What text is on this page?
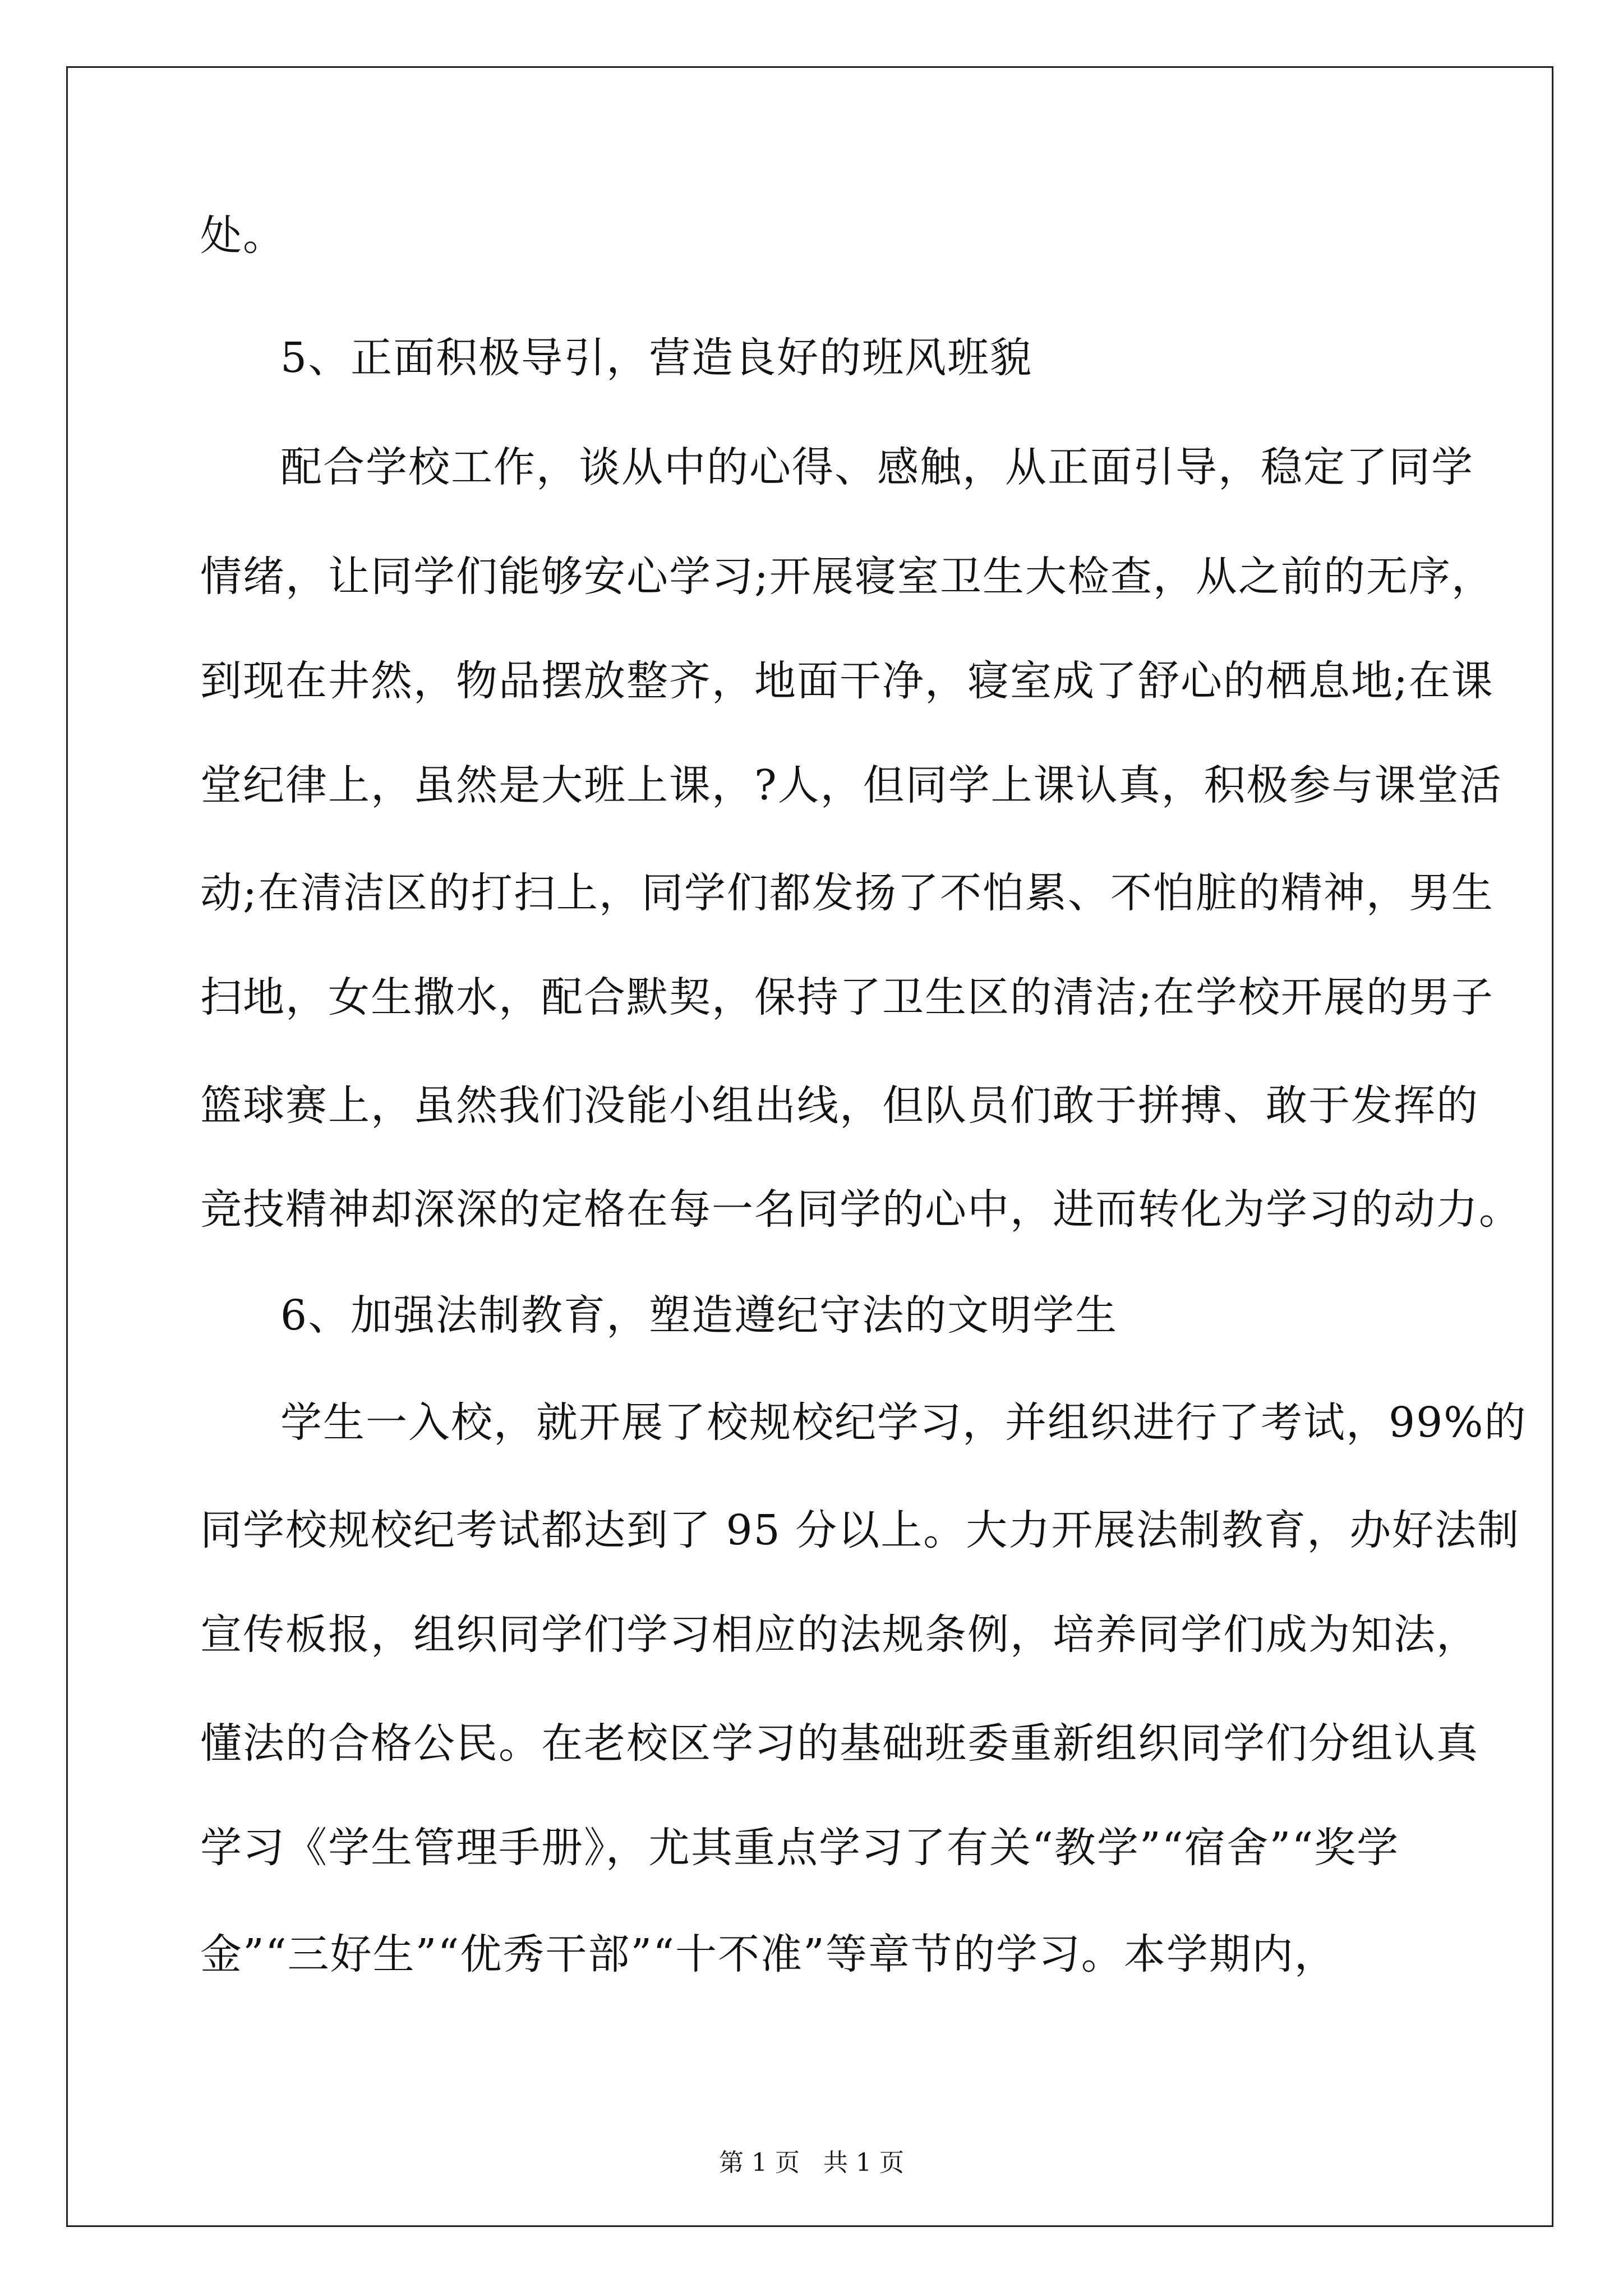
处。
5、正面积极导引，营造良好的班风班貌
配合学校工作，谈从中的心得、感触，从正面引导，稳定了同学
情绪，让同学们能够安心学习;开展寝室卫生大检查，从之前的无序，
到现在井然，物品摆放整齐，地面干净，寝室成了舒心的栖息地;在课
堂纪律上，虽然是大班上课，?人，但同学上课认真，积极参与课堂活
动;在清洁区的打扫上，同学们都发扬了不怕累、不怕脏的精神，男生
扫地，女生撒水，配合默契，保持了卫生区的清洁;在学校开展的男子
篮球赛上，虽然我们没能小组出线，但队员们敢于拼搏、敢于发挥的
竞技精神却深深的定格在每一名同学的心中，进而转化为学习的动力。
6、加强法制教育，塑造遵纪守法的文明学生
学生一入校，就开展了校规校纪学习，并组织进行了考试，99%的
同学校规校纪考试都达到了 95 分以上。大力开展法制教育，办好法制
宣传板报，组织同学们学习相应的法规条例，培养同学们成为知法，
懂法的合格公民。在老校区学习的基础班委重新组织同学们分组认真
学习《学生管理手册》，尤其重点学习了有关“教学”“宿舍”“奖学
金”“三好生”“优秀干部”“十不准”等章节的学习。本学期内，
第 1 页   共 1 页
